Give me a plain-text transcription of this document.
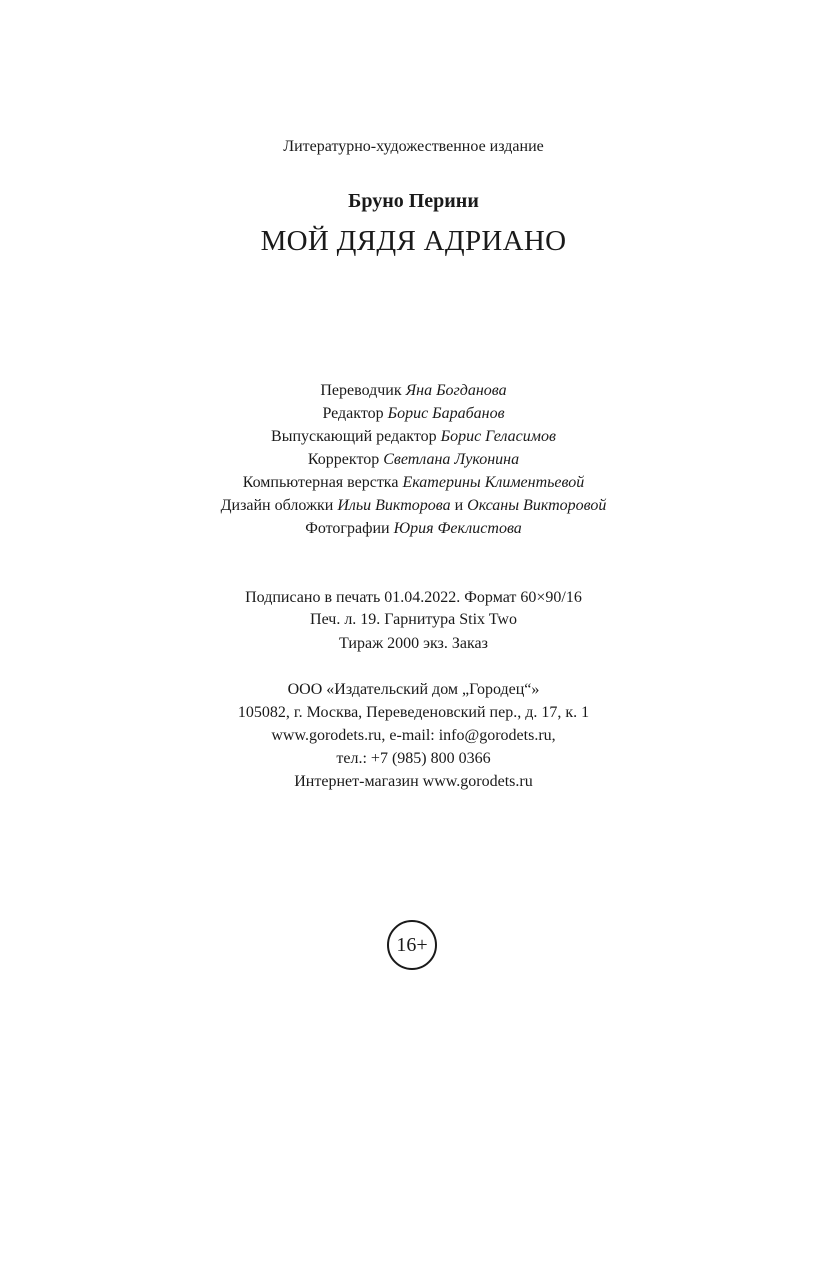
Литературно-художественное издание
Бруно Перини
МОЙ ДЯДЯ АДРИАНО
Переводчик Яна Богданова
Редактор Борис Барабанов
Выпускающий редактор Борис Геласимов
Корректор Светлана Луконина
Компьютерная верстка Екатерины Климентьевой
Дизайн обложки Ильи Викторова и Оксаны Викторовой
Фотографии Юрия Феклистова
Подписано в печать 01.04.2022. Формат 60×90/16
Печ. л. 19. Гарнитура Stix Two
Тираж 2000 экз. Заказ
ООО «Издательский дом „Городец“»
105082, г. Москва, Переведеновский пер., д. 17, к. 1
www.gorodets.ru, e-mail: info@gorodets.ru,
тел.: +7 (985) 800 0366
Интернет-магазин www.gorodets.ru
16+
